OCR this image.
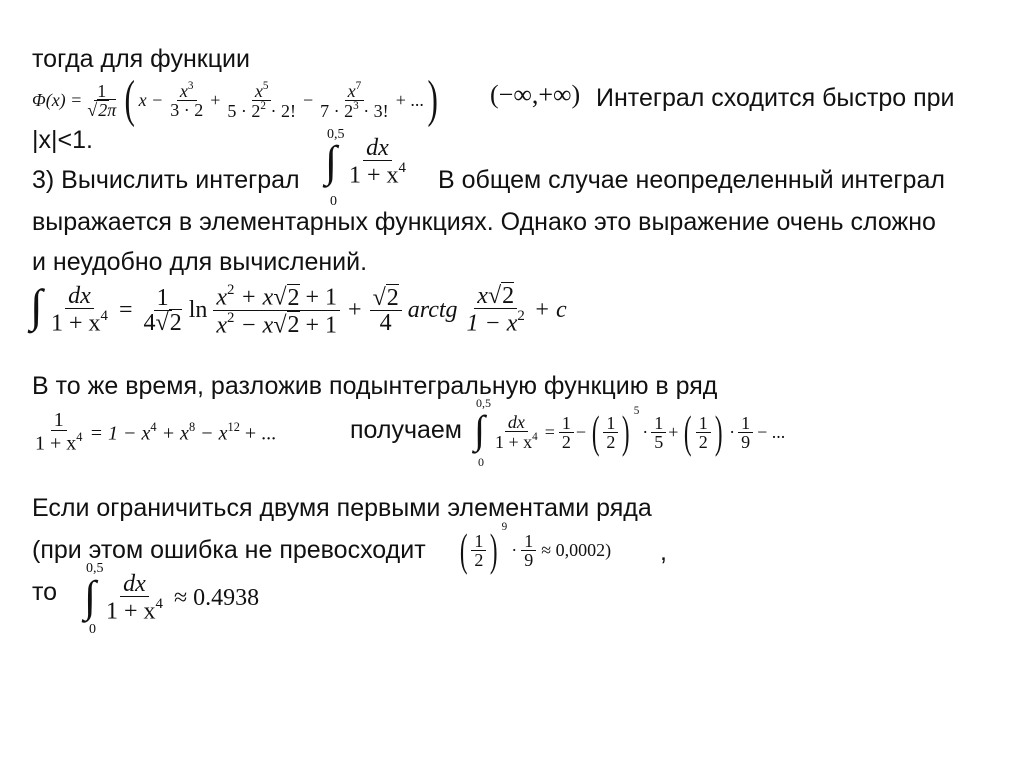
тогда для функции
$\Phi(x) = \frac{1}{√2\pi}$ ( $x - \frac{x^3}{3 \cdot 2} + \frac{x^5}{5 \cdot 2^2 \cdot 2!} - \frac{x^7}{7 \cdot 2^3 \cdot 3!}$ + ... ) (−∞,+∞) Интеграл сходится быстро при
|x|<1.
3) Вычислить интеграл ∫
0,5
0
$\frac{dx}{1 + x^4}$ В общем случае неопределенный интеграл
выражается в элементарных функциях. Однако это выражение очень сложно
и неудобно для вычислений.
∫ $\frac{dx}{1 + x^4} = \frac{1}{4√2}$ $\ln \frac{x^2 + x√2 + 1}{x^2 - x√2 + 1} + \frac{√2}{4}$ arctg $\frac{x√2}{1 - x^2} + c$
В то же время, разложив подынтегральную функцию в ряд
$\frac{1}{1 + x^4} = 1 - x^4 + x^8 - x^{12}$ + ...	получаем ∫
0,5
0
$\frac{dx}{1 + x^4} = \frac{1}{2}$ − ( $\frac{1}{2}$ ) 5
· $\frac{1}{5}$ + ( $\frac{1}{2}$ ) · $\frac{1}{9}$ − ...
Если ограничиться двумя первыми элементами ряда
(при этом ошибка не превосходит ( $\frac{1}{2}$ ) 9
· $\frac{1}{9} \approx 0,0002$) ,
то ∫
0,5
0
$\frac{dx}{1 + x^4} \approx 0.4938$
